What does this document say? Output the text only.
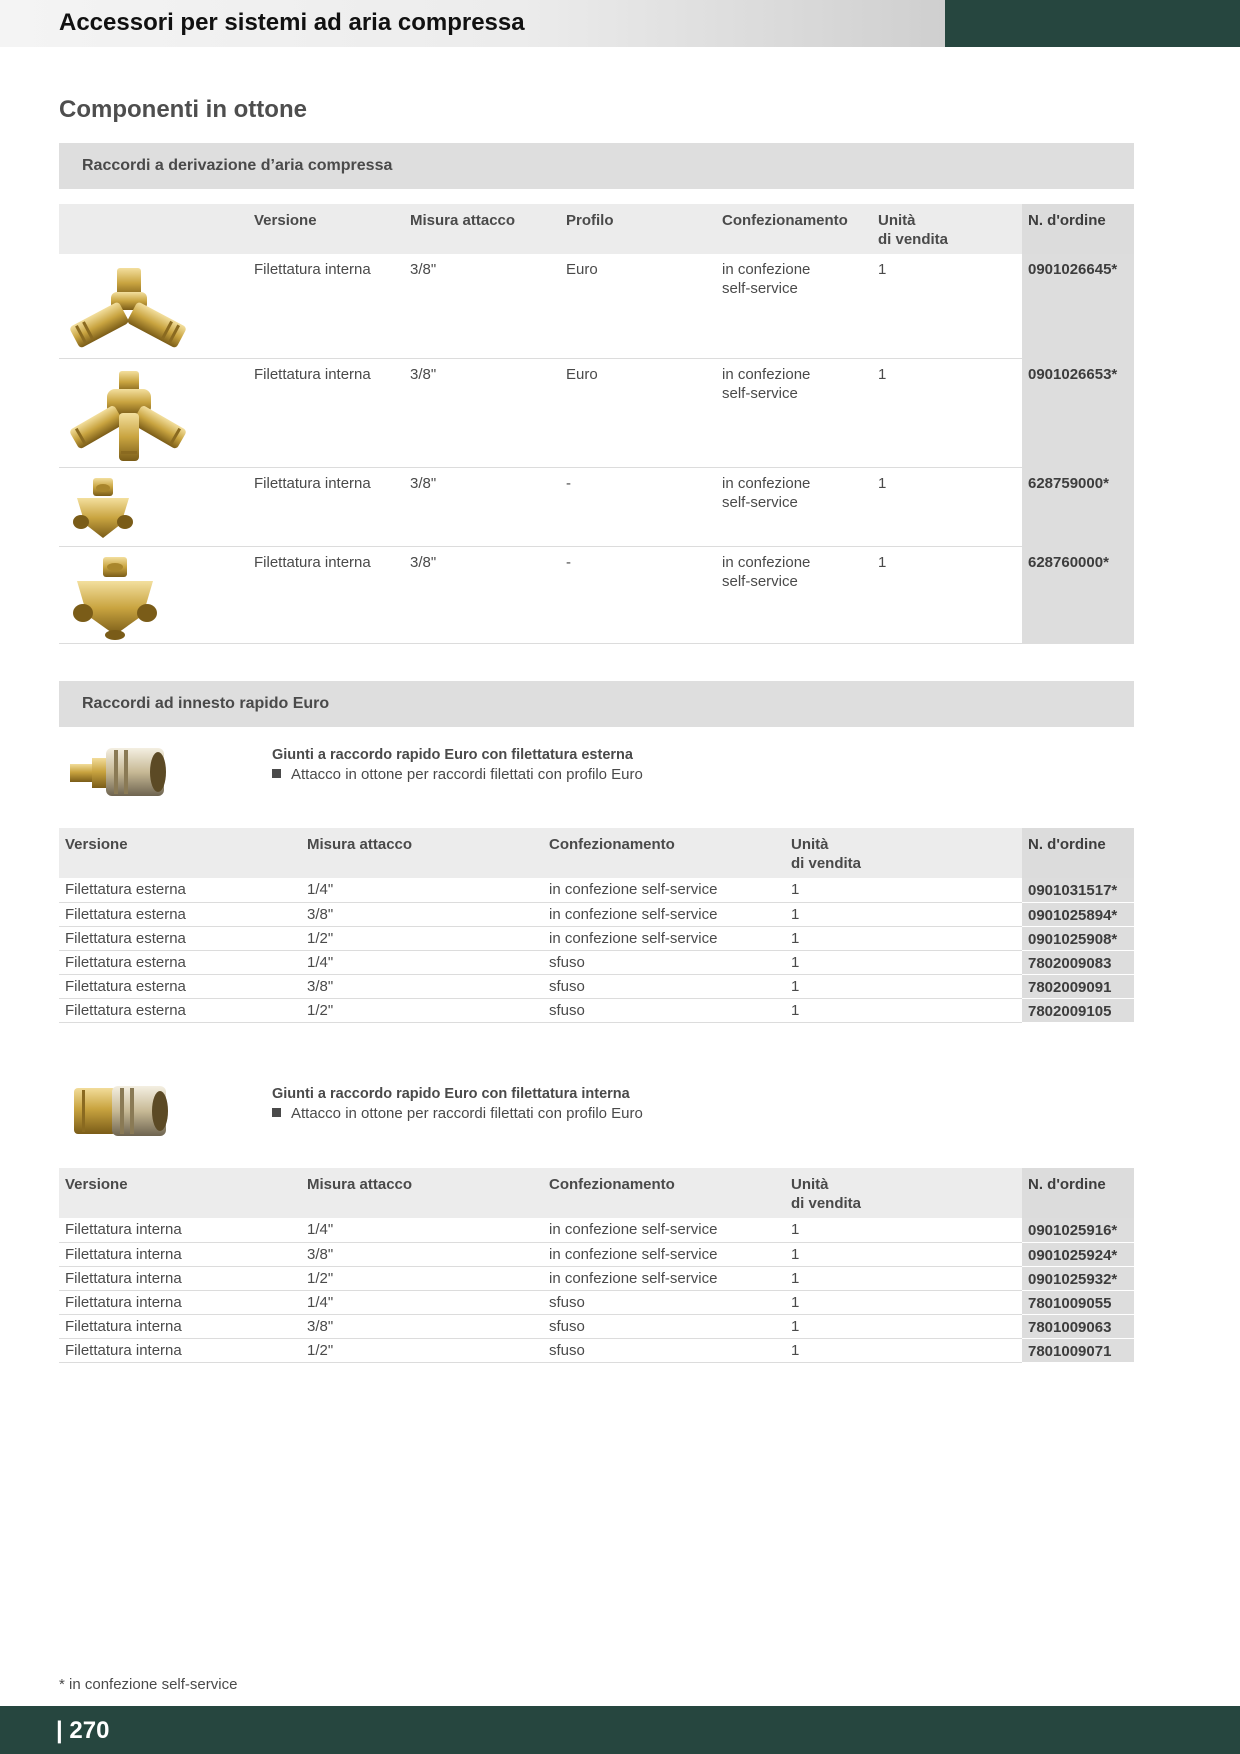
Accessori per sistemi ad aria compressa
Componenti in ottone
Raccordi a derivazione d’aria compressa
	Versione	Misura attacco	Profilo	Confezionamento	Unità
di vendita	N. d'ordine

	Filettatura interna	3/8"	Euro	in confezione
self-service	1	0901026645*

	Filettatura interna	3/8"	Euro	in confezione
self-service	1	0901026653*

	Filettatura interna	3/8"	-	in confezione
self-service	1	628759000*

	Filettatura interna	3/8"	-	in confezione
self-service	1	628760000*
Raccordi ad innesto rapido Euro
Giunti a raccordo rapido Euro con filettatura esterna
Attacco in ottone per raccordi filettati con profilo Euro
Versione	Misura attacco	Confezionamento	Unità
di vendita	N. d'ordine
Filettatura esterna	1/4"	in confezione self-service	1	0901031517*
Filettatura esterna	3/8"	in confezione self-service	1	0901025894*
Filettatura esterna	1/2"	in confezione self-service	1	0901025908*
Filettatura esterna	1/4"	sfuso	1	7802009083
Filettatura esterna	3/8"	sfuso	1	7802009091
Filettatura esterna	1/2"	sfuso	1	7802009105
Giunti a raccordo rapido Euro con filettatura interna
Attacco in ottone per raccordi filettati con profilo Euro
Versione	Misura attacco	Confezionamento	Unità
di vendita	N. d'ordine
Filettatura interna	1/4"	in confezione self-service	1	0901025916*
Filettatura interna	3/8"	in confezione self-service	1	0901025924*
Filettatura interna	1/2"	in confezione self-service	1	0901025932*
Filettatura interna	1/4"	sfuso	1	7801009055
Filettatura interna	3/8"	sfuso	1	7801009063
Filettatura interna	1/2"	sfuso	1	7801009071
* in confezione self-service
| 270
